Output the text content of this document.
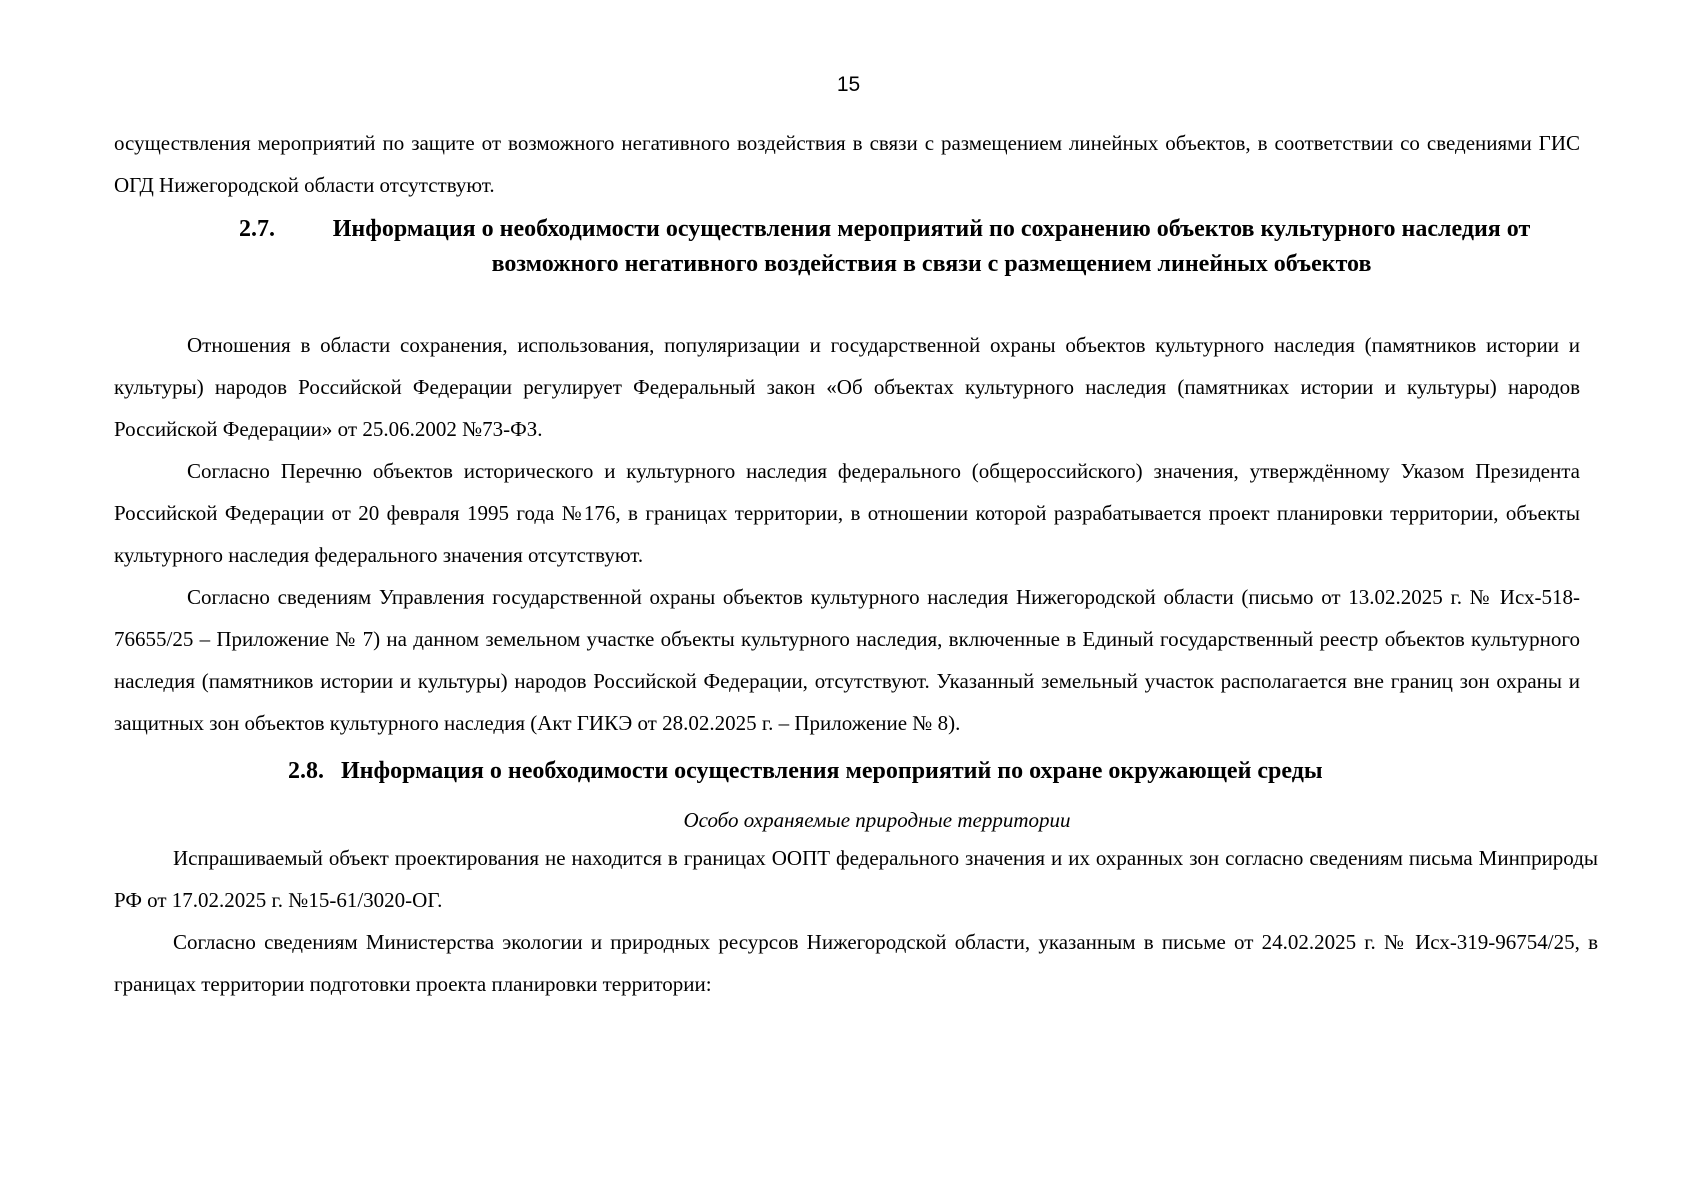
15

осуществления мероприятий по защите от возможного негативного воздействия в связи с размещением линейных объектов, в соответствии со сведениями ГИС ОГД Нижегородской области отсутствуют.

2.7.	Информация о необходимости осуществления мероприятий по сохранению объектов культурного наследия от возможного негативного воздействия в связи с размещением линейных объектов

Отношения в области сохранения, использования, популяризации и государственной охраны объектов культурного наследия (памятников истории и культуры) народов Российской Федерации регулирует Федеральный закон «Об объектах культурного наследия (памятниках истории и культуры) народов Российской Федерации» от 25.06.2002 №73-ФЗ.

Согласно Перечню объектов исторического и культурного наследия федерального (общероссийского) значения, утверждённому Указом Президента Российской Федерации от 20 февраля 1995 года №176, в границах территории, в отношении которой разрабатывается проект планировки территории, объекты культурного наследия федерального значения отсутствуют.

Согласно сведениям Управления государственной охраны объектов культурного наследия Нижегородской области (письмо от 13.02.2025 г. № Исх-518-76655/25 – Приложение № 7) на данном земельном участке объекты культурного наследия, включенные в Единый государственный реестр объектов культурного наследия (памятников истории и культуры) народов Российской Федерации, отсутствуют. Указанный земельный участок располагается вне границ зон охраны и защитных зон объектов культурного наследия (Акт ГИКЭ от 28.02.2025 г. – Приложение № 8).

2.8. Информация о необходимости осуществления мероприятий по охране окружающей среды

Особо охраняемые природные территории

Испрашиваемый объект проектирования не находится в границах ООПТ федерального значения и их охранных зон согласно сведениям письма Минприроды РФ от 17.02.2025 г. №15-61/3020-ОГ.

Согласно сведениям Министерства экологии и природных ресурсов Нижегородской области, указанным в письме от 24.02.2025 г. № Исх-319-96754/25, в границах территории подготовки проекта планировки территории:
